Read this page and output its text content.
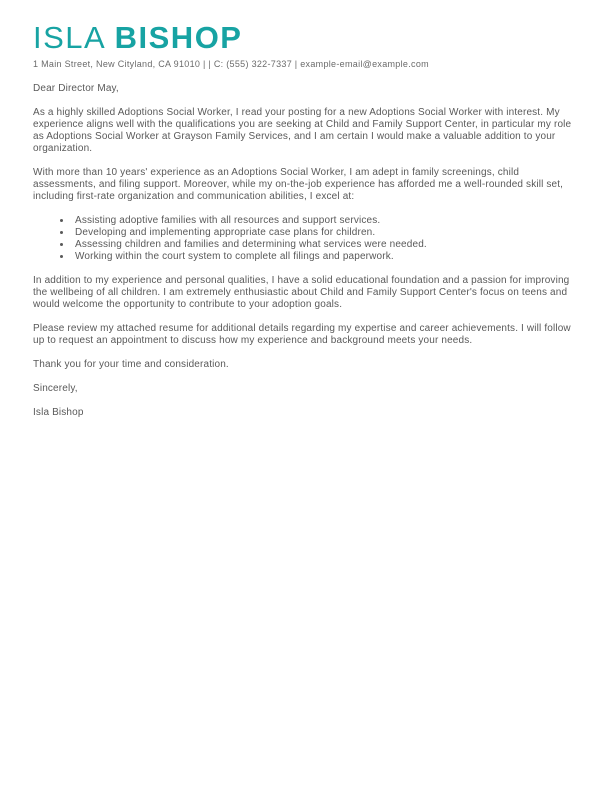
ISLA BISHOP
1 Main Street, New Cityland, CA 91010 | | C: (555) 322-7337 | example-email@example.com

Dear Director May,

As a highly skilled Adoptions Social Worker, I read your posting for a new Adoptions Social Worker with interest. My experience aligns well with the qualifications you are seeking at Child and Family Support Center, in particular my role as Adoptions Social Worker at Grayson Family Services, and I am certain I would make a valuable addition to your organization.

With more than 10 years' experience as an Adoptions Social Worker, I am adept in family screenings, child assessments, and filing support. Moreover, while my on-the-job experience has afforded me a well-rounded skill set, including first-rate organization and communication abilities, I excel at:

• Assisting adoptive families with all resources and support services.
• Developing and implementing appropriate case plans for children.
• Assessing children and families and determining what services were needed.
• Working within the court system to complete all filings and paperwork.

In addition to my experience and personal qualities, I have a solid educational foundation and a passion for improving the wellbeing of all children. I am extremely enthusiastic about Child and Family Support Center's focus on teens and would welcome the opportunity to contribute to your adoption goals.

Please review my attached resume for additional details regarding my expertise and career achievements. I will follow up to request an appointment to discuss how my experience and background meets your needs.

Thank you for your time and consideration.

Sincerely,

Isla Bishop
